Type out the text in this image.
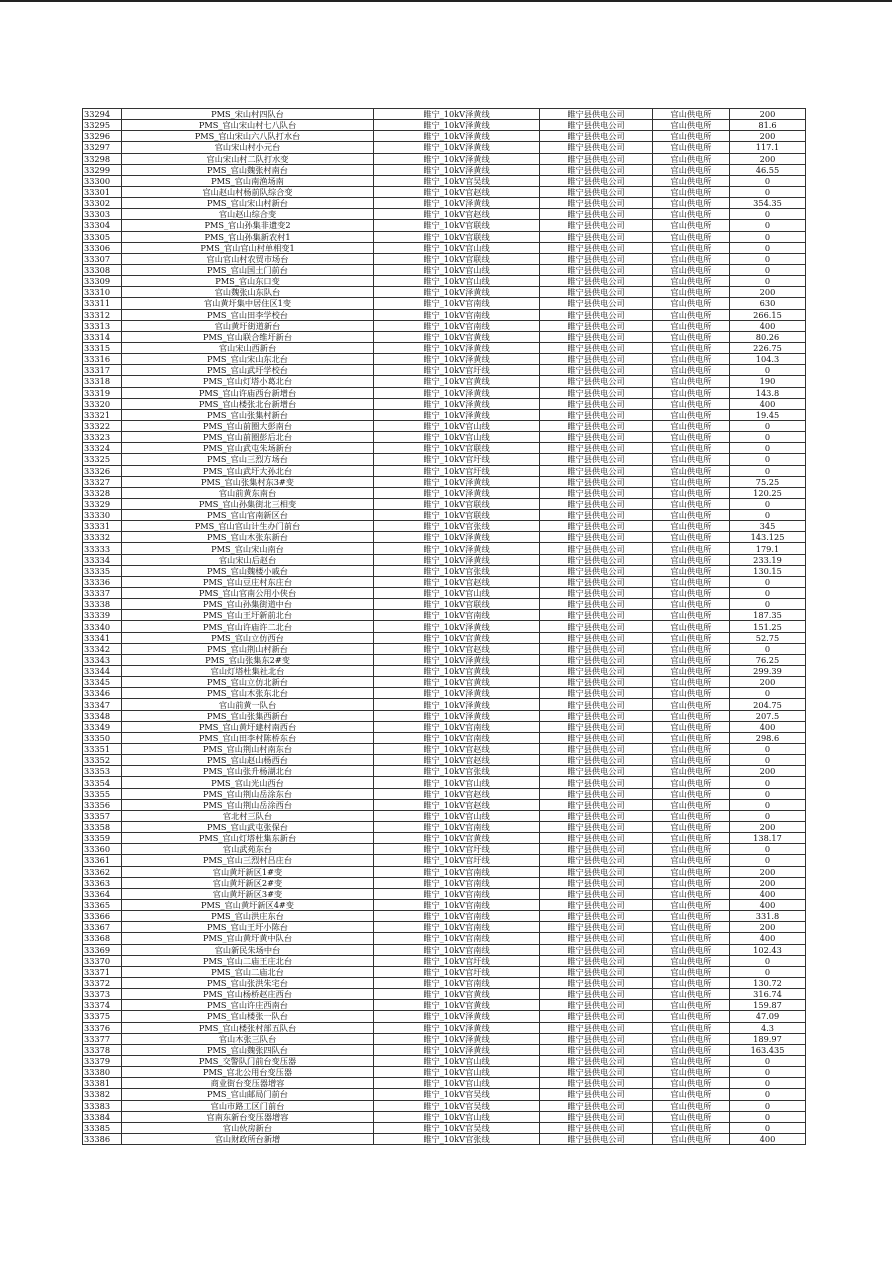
33294	PMS_宋山村四队台	睢宁_10kV泽黄线	睢宁县供电公司	官山供电所	200
33295	PMS_官山宋山村七八队台	睢宁_10kV泽黄线	睢宁县供电公司	官山供电所	81.6
33296	PMS_官山宋山六八队打水台	睢宁_10kV泽黄线	睢宁县供电公司	官山供电所	200
33297	官山宋山村小元台	睢宁_10kV泽黄线	睢宁县供电公司	官山供电所	117.1
33298	官山宋山村二队打水变	睢宁_10kV泽黄线	睢宁县供电公司	官山供电所	200
33299	PMS_官山魏张村南台	睢宁_10kV泽黄线	睢宁县供电公司	官山供电所	46.55
33300	PMS_官山南渔场南	睢宁_10kV官吴线	睢宁县供电公司	官山供电所	0
33301	官山赵山村杨前队综合变	睢宁_10kV官赵线	睢宁县供电公司	官山供电所	0
33302	PMS_官山宋山村新台	睢宁_10kV泽黄线	睢宁县供电公司	官山供电所	354.35
33303	官山赵山综合变	睢宁_10kV官赵线	睢宁县供电公司	官山供电所	0
33304	PMS_官山孙集非遗变2	睢宁_10kV官联线	睢宁县供电公司	官山供电所	0
33305	PMS_官山孙集新农村1	睢宁_10kV官联线	睢宁县供电公司	官山供电所	0
33306	PMS_官山官山村单相变1	睢宁_10kV官山线	睢宁县供电公司	官山供电所	0
33307	官山官山村农贸市场台	睢宁_10kV官联线	睢宁县供电公司	官山供电所	0
33308	PMS_官山国土门前台	睢宁_10kV官山线	睢宁县供电公司	官山供电所	0
33309	PMS_官山东口变	睢宁_10kV官山线	睢宁县供电公司	官山供电所	0
33310	官山魏张山东队台	睢宁_10kV泽黄线	睢宁县供电公司	官山供电所	200
33311	官山黄圩集中居住区1变	睢宁_10kV官南线	睢宁县供电公司	官山供电所	630
33312	PMS_官山田李学校台	睢宁_10kV官南线	睢宁县供电公司	官山供电所	266.15
33313	官山黄圩街道新台	睢宁_10kV官南线	睢宁县供电公司	官山供电所	400
33314	PMS_官山联合维圩新台	睢宁_10kV官黄线	睢宁县供电公司	官山供电所	80.26
33315	官山宋山西新台	睢宁_10kV泽黄线	睢宁县供电公司	官山供电所	226.75
33316	PMS_官山宋山东北台	睢宁_10kV泽黄线	睢宁县供电公司	官山供电所	104.3
33317	PMS_官山武圩学校台	睢宁_10kV官圩线	睢宁县供电公司	官山供电所	0
33318	PMS_官山灯塔小葛北台	睢宁_10kV官黄线	睢宁县供电公司	官山供电所	190
33319	PMS_官山许庙西台新增台	睢宁_10kV泽黄线	睢宁县供电公司	官山供电所	143.8
33320	PMS_官山楼张北台新增台	睢宁_10kV泽黄线	睢宁县供电公司	官山供电所	400
33321	PMS_官山张集村新台	睢宁_10kV泽黄线	睢宁县供电公司	官山供电所	19.45
33322	PMS_官山前圈大彭南台	睢宁_10kV官山线	睢宁县供电公司	官山供电所	0
33323	PMS_官山前圈彭后北台	睢宁_10kV官山线	睢宁县供电公司	官山供电所	0
33324	PMS_官山武屯朱场新台	睢宁_10kV官联线	睢宁县供电公司	官山供电所	0
33325	PMS_官山三烈方场台	睢宁_10kV官圩线	睢宁县供电公司	官山供电所	0
33326	PMS_官山武圩大孙北台	睢宁_10kV官圩线	睢宁县供电公司	官山供电所	0
33327	PMS_官山张集村东3#变	睢宁_10kV泽黄线	睢宁县供电公司	官山供电所	75.25
33328	官山前黄东南台	睢宁_10kV泽黄线	睢宁县供电公司	官山供电所	120.25
33329	PMS_官山孙集街北三相变	睢宁_10kV官联线	睢宁县供电公司	官山供电所	0
33330	PMS_官山官南新区台	睢宁_10kV官联线	睢宁县供电公司	官山供电所	0
33331	PMS_官山官山计生办门前台	睢宁_10kV官张线	睢宁县供电公司	官山供电所	345
33332	PMS_官山木张东新台	睢宁_10kV泽黄线	睢宁县供电公司	官山供电所	143.125
33333	PMS_官山宋山南台	睢宁_10kV泽黄线	睢宁县供电公司	官山供电所	179.1
33334	官山宋山后赵台	睢宁_10kV泽黄线	睢宁县供电公司	官山供电所	233.19
33335	PMS_官山魏楼小戚台	睢宁_10kV官张线	睢宁县供电公司	官山供电所	130.15
33336	PMS_官山豆庄村东庄台	睢宁_10kV官赵线	睢宁县供电公司	官山供电所	0
33337	PMS_官山官南公用小侠台	睢宁_10kV官山线	睢宁县供电公司	官山供电所	0
33338	PMS_官山孙集街道中台	睢宁_10kV官联线	睢宁县供电公司	官山供电所	0
33339	PMS_官山王圩新前北台	睢宁_10kV官南线	睢宁县供电公司	官山供电所	187.35
33340	PMS_官山许庙许二北台	睢宁_10kV泽黄线	睢宁县供电公司	官山供电所	151.25
33341	PMS_官山立仿西台	睢宁_10kV官黄线	睢宁县供电公司	官山供电所	52.75
33342	PMS_官山荆山村新台	睢宁_10kV官赵线	睢宁县供电公司	官山供电所	0
33343	PMS_官山张集东2#变	睢宁_10kV泽黄线	睢宁县供电公司	官山供电所	76.25
33344	官山灯塔杜集社北台	睢宁_10kV官黄线	睢宁县供电公司	官山供电所	299.39
33345	PMS_官山立仿北新台	睢宁_10kV官黄线	睢宁县供电公司	官山供电所	200
33346	PMS_官山木张东北台	睢宁_10kV泽黄线	睢宁县供电公司	官山供电所	0
33347	官山前黄一队台	睢宁_10kV泽黄线	睢宁县供电公司	官山供电所	204.75
33348	PMS_官山张集西新台	睢宁_10kV泽黄线	睢宁县供电公司	官山供电所	207.5
33349	PMS_官山黄圩建村南西台	睢宁_10kV官南线	睢宁县供电公司	官山供电所	400
33350	PMS_官山田李村陈桥东台	睢宁_10kV官南线	睢宁县供电公司	官山供电所	298.6
33351	PMS_官山荆山村南东台	睢宁_10kV官赵线	睢宁县供电公司	官山供电所	0
33352	PMS_官山赵山杨西台	睢宁_10kV官赵线	睢宁县供电公司	官山供电所	0
33353	PMS_官山张升杨湖北台	睢宁_10kV官张线	睢宁县供电公司	官山供电所	200
33354	PMS_官山光山西台	睢宁_10kV官山线	睢宁县供电公司	官山供电所	0
33355	PMS_官山荆山岳涂东台	睢宁_10kV官赵线	睢宁县供电公司	官山供电所	0
33356	PMS_官山荆山岳涂西台	睢宁_10kV官赵线	睢宁县供电公司	官山供电所	0
33357	官北村三队台	睢宁_10kV官山线	睢宁县供电公司	官山供电所	0
33358	PMS_官山武屯张保台	睢宁_10kV官南线	睢宁县供电公司	官山供电所	200
33359	PMS_官山灯塔杜集东新台	睢宁_10kV官黄线	睢宁县供电公司	官山供电所	138.17
33360	官山武苑东台	睢宁_10kV官圩线	睢宁县供电公司	官山供电所	0
33361	PMS_官山三烈村吕庄台	睢宁_10kV官圩线	睢宁县供电公司	官山供电所	0
33362	官山黄圩新区1#变	睢宁_10kV官南线	睢宁县供电公司	官山供电所	200
33363	官山黄圩新区2#变	睢宁_10kV官南线	睢宁县供电公司	官山供电所	200
33364	官山黄圩新区3#变	睢宁_10kV官南线	睢宁县供电公司	官山供电所	400
33365	PMS_官山黄圩新区4#变	睢宁_10kV官南线	睢宁县供电公司	官山供电所	400
33366	PMS_官山洪庄东台	睢宁_10kV官南线	睢宁县供电公司	官山供电所	331.8
33367	PMS_官山王圩小陈台	睢宁_10kV官南线	睢宁县供电公司	官山供电所	200
33368	PMS_官山黄圩黄中队台	睢宁_10kV官南线	睢宁县供电公司	官山供电所	400
33369	官山新民朱场中台	睢宁_10kV官南线	睢宁县供电公司	官山供电所	102.43
33370	PMS_官山二庙王庄北台	睢宁_10kV官圩线	睢宁县供电公司	官山供电所	0
33371	PMS_官山二庙北台	睢宁_10kV官圩线	睢宁县供电公司	官山供电所	0
33372	PMS_官山张洪朱宅台	睢宁_10kV官南线	睢宁县供电公司	官山供电所	130.72
33373	PMS_官山杨桥赵庄西台	睢宁_10kV官黄线	睢宁县供电公司	官山供电所	316.74
33374	PMS_官山许庄西南台	睢宁_10kV官黄线	睢宁县供电公司	官山供电所	159.87
33375	PMS_官山楼张一队台	睢宁_10kV泽黄线	睢宁县供电公司	官山供电所	47.09
33376	PMS_官山楼张村部五队台	睢宁_10kV泽黄线	睢宁县供电公司	官山供电所	4.3
33377	官山木张三队台	睢宁_10kV泽黄线	睢宁县供电公司	官山供电所	189.97
33378	PMS_官山魏张四队台	睢宁_10kV泽黄线	睢宁县供电公司	官山供电所	163.435
33379	PMS_交警队门前台变压器	睢宁_10kV官山线	睢宁县供电公司	官山供电所	0
33380	PMS_官北公用台变压器	睢宁_10kV官山线	睢宁县供电公司	官山供电所	0
33381	商业街台变压器增容	睢宁_10kV官山线	睢宁县供电公司	官山供电所	0
33382	PMS_官山邮局门前台	睢宁_10kV官吴线	睢宁县供电公司	官山供电所	0
33383	官山市路工区门前台	睢宁_10kV官吴线	睢宁县供电公司	官山供电所	0
33384	官南东新台变压器增容	睢宁_10kV官山线	睢宁县供电公司	官山供电所	0
33385	官山伙房新台	睢宁_10kV官吴线	睢宁县供电公司	官山供电所	0
33386	官山财政所台新增	睢宁_10kV官张线	睢宁县供电公司	官山供电所	400
